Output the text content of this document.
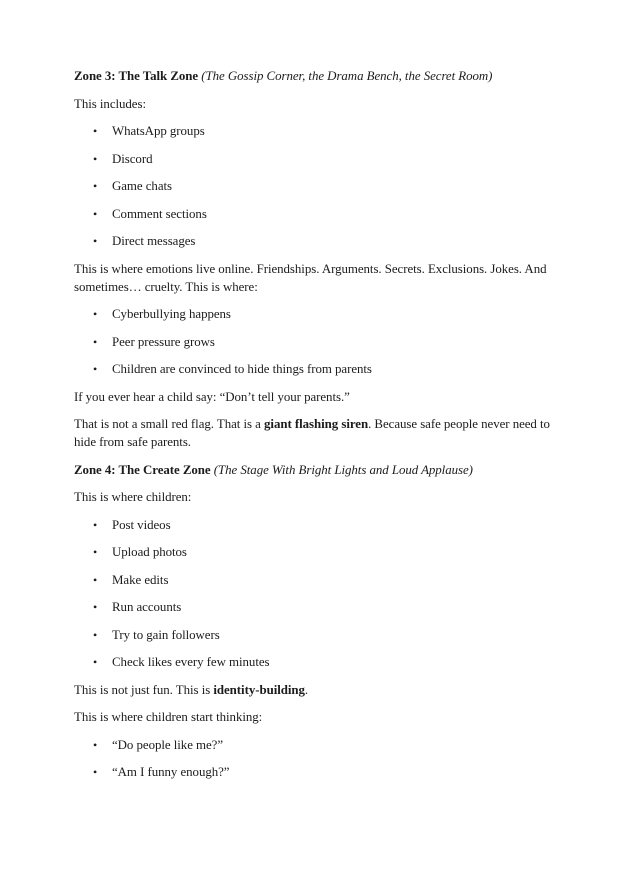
Zone 3: The Talk Zone (The Gossip Corner, the Drama Bench, the Secret Room)

This includes:

• WhatsApp groups
• Discord
• Game chats
• Comment sections
• Direct messages

This is where emotions live online. Friendships. Arguments. Secrets. Exclusions. Jokes. And sometimes… cruelty. This is where:

• Cyberbullying happens
• Peer pressure grows
• Children are convinced to hide things from parents

If you ever hear a child say: “Don’t tell your parents.”

That is not a small red flag. That is a giant flashing siren. Because safe people never need to hide from safe parents.

Zone 4: The Create Zone (The Stage With Bright Lights and Loud Applause)

This is where children:

• Post videos
• Upload photos
• Make edits
• Run accounts
• Try to gain followers
• Check likes every few minutes

This is not just fun. This is identity-building.

This is where children start thinking:

• “Do people like me?”
• “Am I funny enough?”
